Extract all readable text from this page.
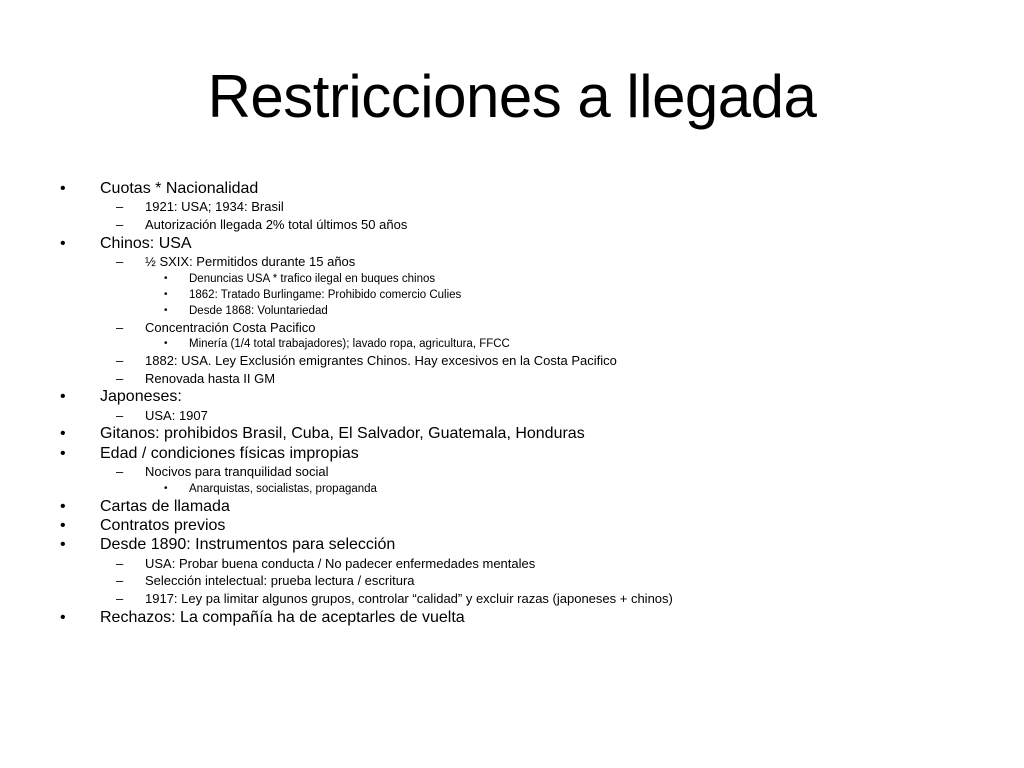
Restricciones a llegada
• Cuotas * Nacionalidad
– 1921: USA; 1934: Brasil
– Autorización llegada 2% total últimos 50 años
• Chinos: USA
– ½ SXIX: Permitidos durante 15 años
• Denuncias USA * trafico ilegal en buques chinos
• 1862: Tratado Burlingame: Prohibido comercio Culies
• Desde 1868: Voluntariedad
– Concentración Costa Pacifico
• Minería (1/4 total trabajadores); lavado ropa, agricultura, FFCC
– 1882: USA. Ley Exclusión emigrantes Chinos. Hay excesivos en la Costa Pacifico
– Renovada hasta II GM
• Japoneses:
– USA: 1907
• Gitanos: prohibidos Brasil, Cuba, El Salvador, Guatemala, Honduras
• Edad / condiciones físicas impropias
– Nocivos para tranquilidad social
• Anarquistas, socialistas, propaganda
• Cartas de llamada
• Contratos previos
• Desde 1890: Instrumentos para selección
– USA: Probar buena conducta / No padecer enfermedades mentales
– Selección intelectual: prueba lectura / escritura
– 1917: Ley pa limitar algunos grupos, controlar “calidad” y excluir razas (japoneses + chinos)
• Rechazos: La compañía ha de aceptarles de vuelta
